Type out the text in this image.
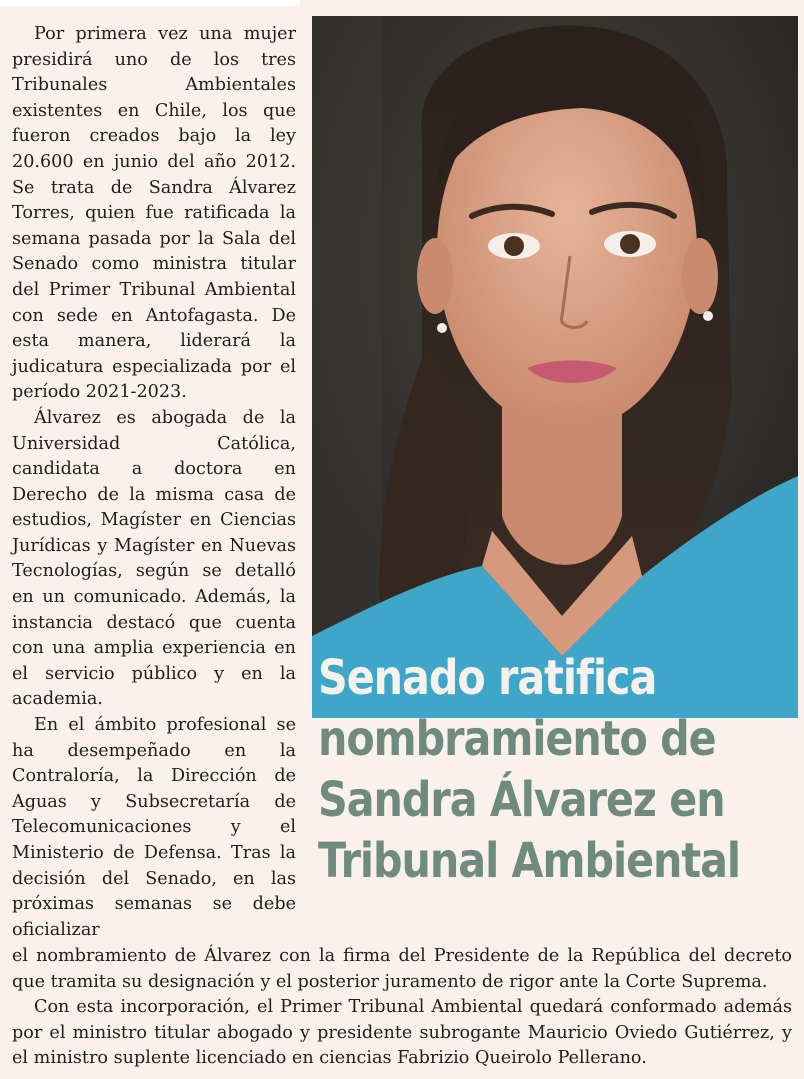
Por primera vez una mujer presidirá uno de los tres Tribunales Ambientales existentes en Chile, los que fueron creados bajo la ley 20.600 en junio del año 2012. Se trata de Sandra Álvarez Torres, quien fue ratificada la semana pasada por la Sala del Senado como ministra titular del Primer Tribunal Ambiental con sede en Antofagasta. De esta manera, liderará la judicatura especializada por el período 2021-2023.

Álvarez es abogada de la Universidad Católica, candidata a doctora en Derecho de la misma casa de estudios, Magíster en Ciencias Jurídicas y Magíster en Nuevas Tecnologías, según se detalló en un comunicado. Además, la instancia destacó que cuenta con una amplia experiencia en el servicio público y en la academia.

En el ámbito profesional se ha desempeñado en la Contraloría, la Dirección de Aguas y Subsecretaría de Telecomunicaciones y el Ministerio de Defensa. Tras la decisión del Senado, en las próximas semanas se debe oficializar

Senado ratifica
nombramiento de
Sandra Álvarez en
Tribunal Ambiental

el nombramiento de Álvarez con la firma del Presidente de la República del decreto que tramita su designación y el posterior juramento de rigor ante la Corte Suprema.

Con esta incorporación, el Primer Tribunal Ambiental quedará conformado además por el ministro titular abogado y presidente subrogante Mauricio Oviedo Gutiérrez, y el ministro suplente licenciado en ciencias Fabrizio Queirolo Pellerano.
